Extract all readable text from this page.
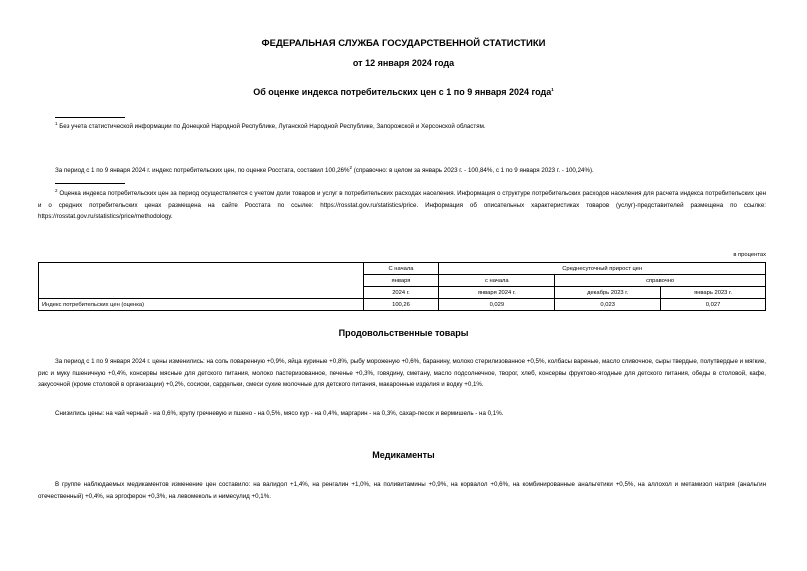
ФЕДЕРАЛЬНАЯ СЛУЖБА ГОСУДАРСТВЕННОЙ СТАТИСТИКИ
от 12 января 2024 года
Об оценке индекса потребительских цен с 1 по 9 января 2024 года$^1$
$^1$ Без учета статистической информации по Донецкой Народной Республике, Луганской Народной Республике, Запорожской и Херсонской областям.
За период с 1 по 9 января 2024 г. индекс потребительских цен, по оценке Росстата, составил 100,26%$^2$ (справочно: в целом за январь 2023 г. - 100,84%, с 1 по 9 января 2023 г. - 100,24%).
$^2$ Оценка индекса потребительских цен за период осуществляется с учетом доли товаров и услуг в потребительских расходах населения. Информация о структуре потребительских расходов населения для расчета индекса потребительских цен и о средних потребительских ценах размещена на сайте Росстата по ссылке: https://rosstat.gov.ru/statistics/price. Информация об описательных характеристиках товаров (услуг)-представителей размещена по ссылке: https://rosstat.gov.ru/statistics/price/methodology.
в процентах
	С начала	Среднесуточный прирост цен		
	января	с начала	справочно	
	2024 г.	января 2024 г.	декабрь 2023 г.	январь 2023 г.
Индекс потребительских цен (оценка)	100,26	0,029	0,023	0,027
Продовольственные товары
За период с 1 по 9 января 2024 г. цены изменились: на соль поваренную +0,9%, яйца куриные +0,8%, рыбу мороженую +0,6%, баранину, молоко стерилизованное +0,5%, колбасы вареные, масло сливочное, сыры твердые, полутвердые и мягкие, рис и муку пшеничную +0,4%, консервы мясные для детского питания, молоко пастеризованное, печенье +0,3%, говядину, сметану, масло подсолнечное, творог, хлеб, консервы фруктово-ягодные для детского питания, обеды в столовой, кафе, закусочной (кроме столовой в организации) +0,2%, сосиски, сардельки, смеси сухие молочные для детского питания, макаронные изделия и водку +0,1%.
Снизились цены: на чай черный - на 0,6%, крупу гречневую и пшено - на 0,5%, мясо кур - на 0,4%, маргарин - на 0,3%, сахар-песок и вермишель - на 0,1%.
Медикаменты
В группе наблюдаемых медикаментов изменение цен составило: на валидол +1,4%, на ренгалин +1,0%, на поливитамины +0,9%, на корвалол +0,6%, на комбинированные анальгетики +0,5%, на аллохол и метамизол натрия (анальгин отечественный) +0,4%, на эргоферон +0,3%, на левомеколь и нимесулид +0,1%.
